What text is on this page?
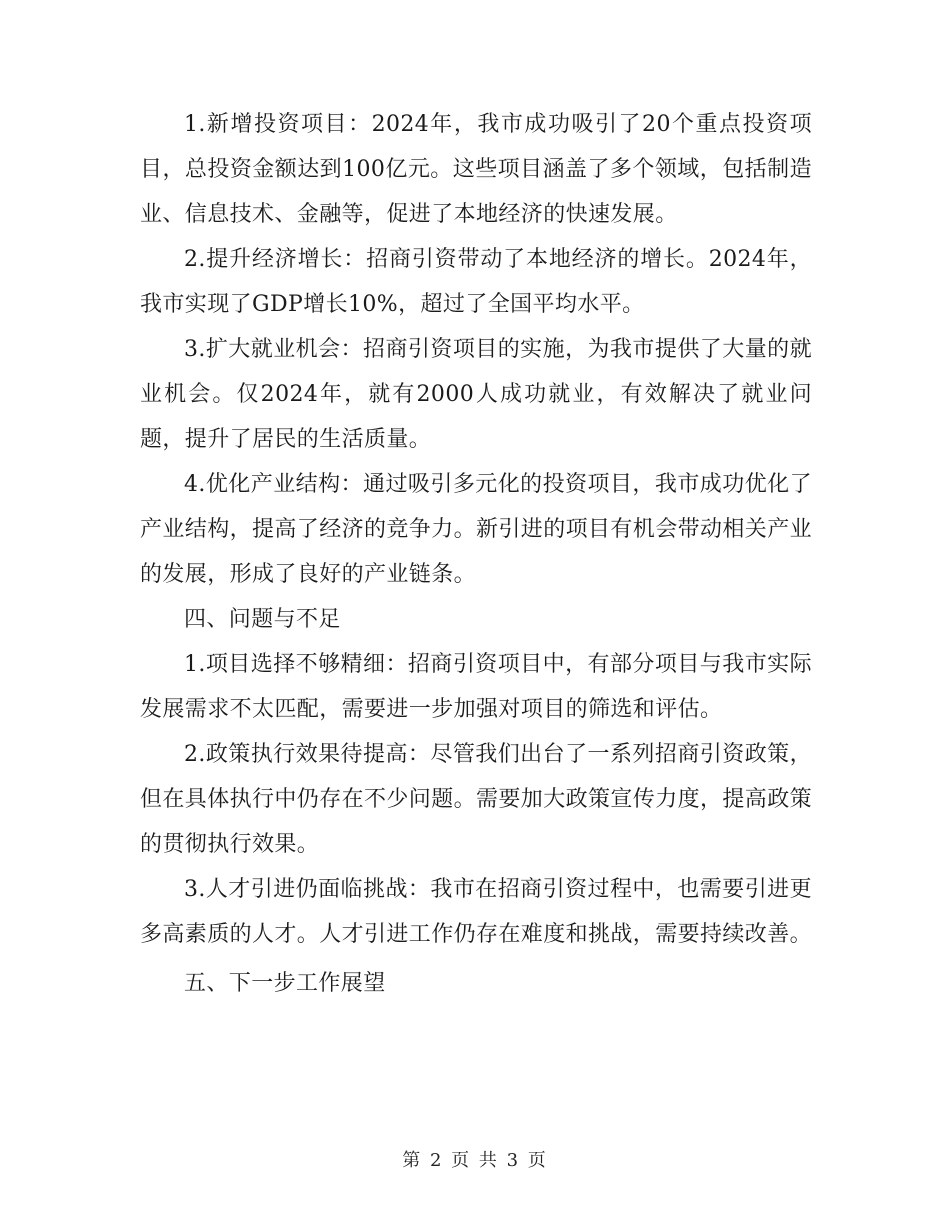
1.新增投资项目：2024年，我市成功吸引了20个重点投资项目，总投资金额达到100亿元。这些项目涵盖了多个领域，包括制造业、信息技术、金融等，促进了本地经济的快速发展。

2.提升经济增长：招商引资带动了本地经济的增长。2024年，我市实现了GDP增长10%，超过了全国平均水平。

3.扩大就业机会：招商引资项目的实施，为我市提供了大量的就业机会。仅2024年，就有2000人成功就业，有效解决了就业问题，提升了居民的生活质量。

4.优化产业结构：通过吸引多元化的投资项目，我市成功优化了产业结构，提高了经济的竞争力。新引进的项目有机会带动相关产业的发展，形成了良好的产业链条。

四、问题与不足

1.项目选择不够精细：招商引资项目中，有部分项目与我市实际发展需求不太匹配，需要进一步加强对项目的筛选和评估。

2.政策执行效果待提高：尽管我们出台了一系列招商引资政策，但在具体执行中仍存在不少问题。需要加大政策宣传力度，提高政策的贯彻执行效果。

3.人才引进仍面临挑战：我市在招商引资过程中，也需要引进更多高素质的人才。人才引进工作仍存在难度和挑战，需要持续改善。

五、下一步工作展望

第 2 页 共 3 页
